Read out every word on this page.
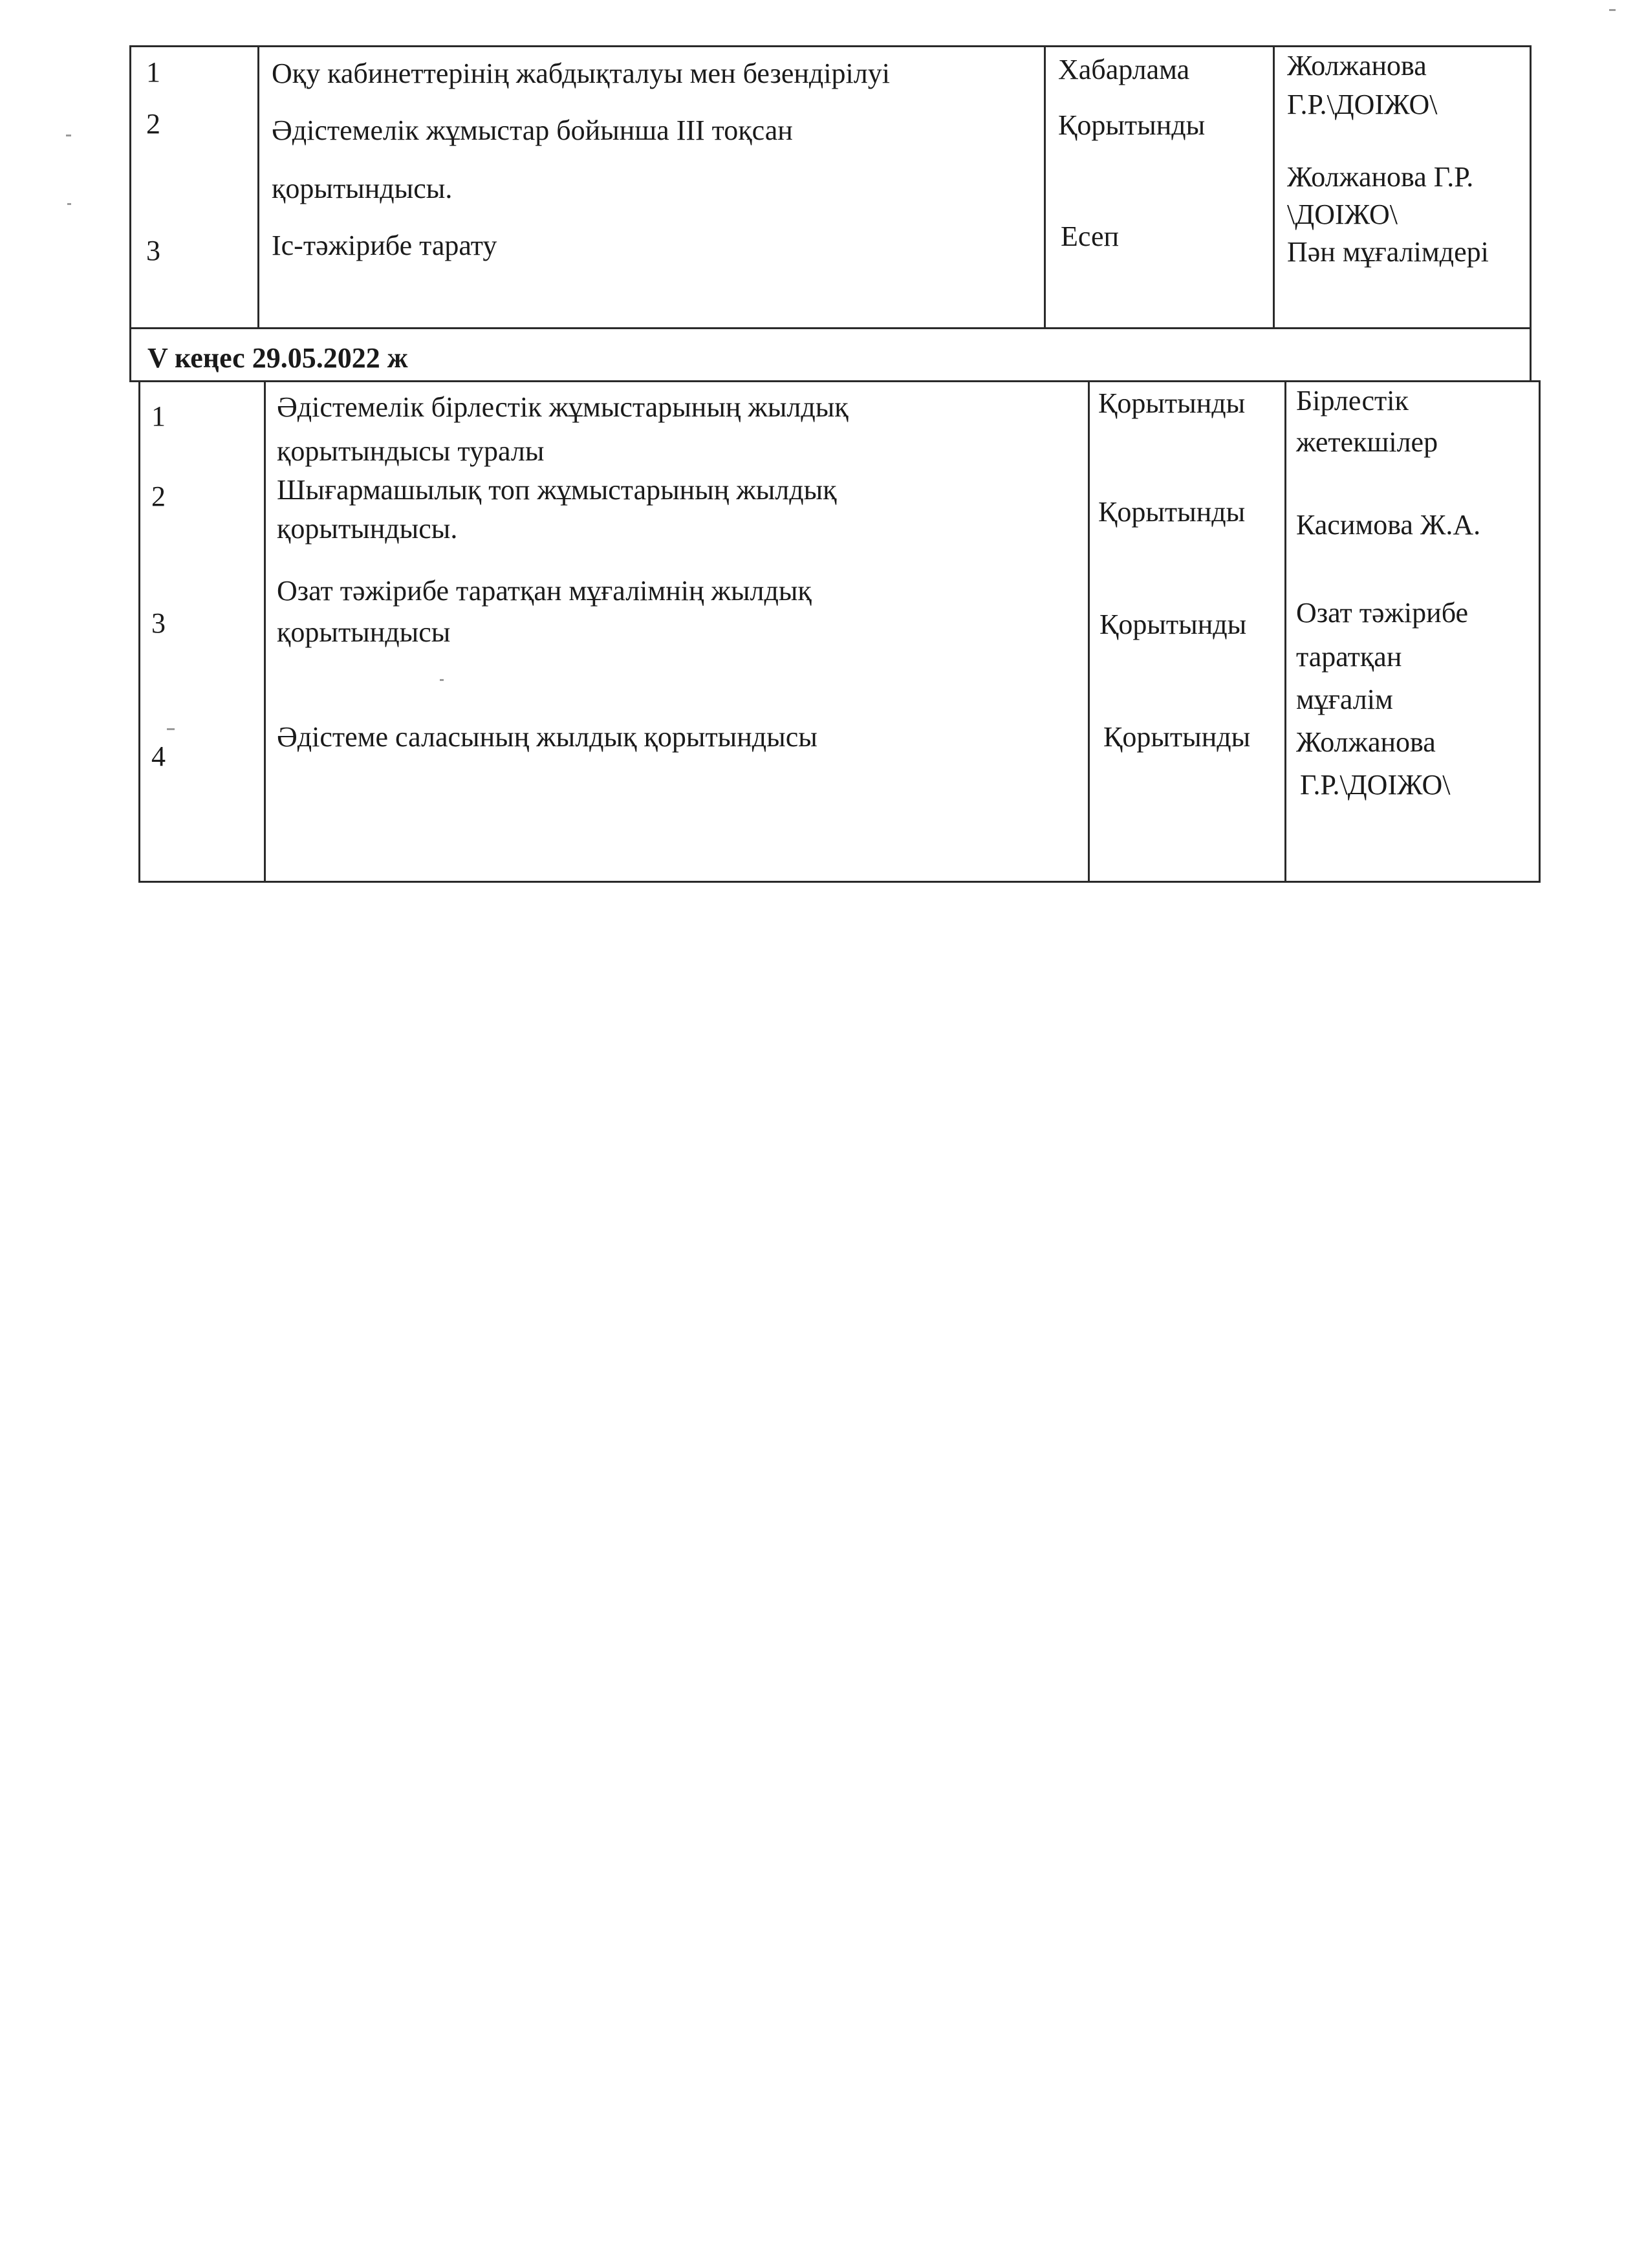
1
2
3
Оқу кабинеттерінің жабдықталуы мен безендірілуі
Әдістемелік жұмыстар бойынша ІІІ тоқсан
қорытындысы.
Іс-тәжірибе тарату
Хабарлама
Қорытынды
Есеп
Жолжанова
Г.Р.\ДОІЖО\
Жолжанова Г.Р.
\ДОІЖО\
Пән мұғалімдері
V кеңес 29.05.2022 ж
1
2
3
4
Әдістемелік бірлестік жұмыстарының жылдық
қорытындысы туралы
Шығармашылық топ жұмыстарының жылдық
қорытындысы.
Озат тәжірибе таратқан мұғалімнің жылдық
қорытындысы
Әдістеме саласының жылдық қорытындысы
Қорытынды
Қорытынды
Қорытынды
Қорытынды
Бірлестік
жетекшілер
Касимова Ж.А.
Озат тәжірибе
таратқан
мұғалім
Жолжанова
Г.Р.\ДОІЖО\
